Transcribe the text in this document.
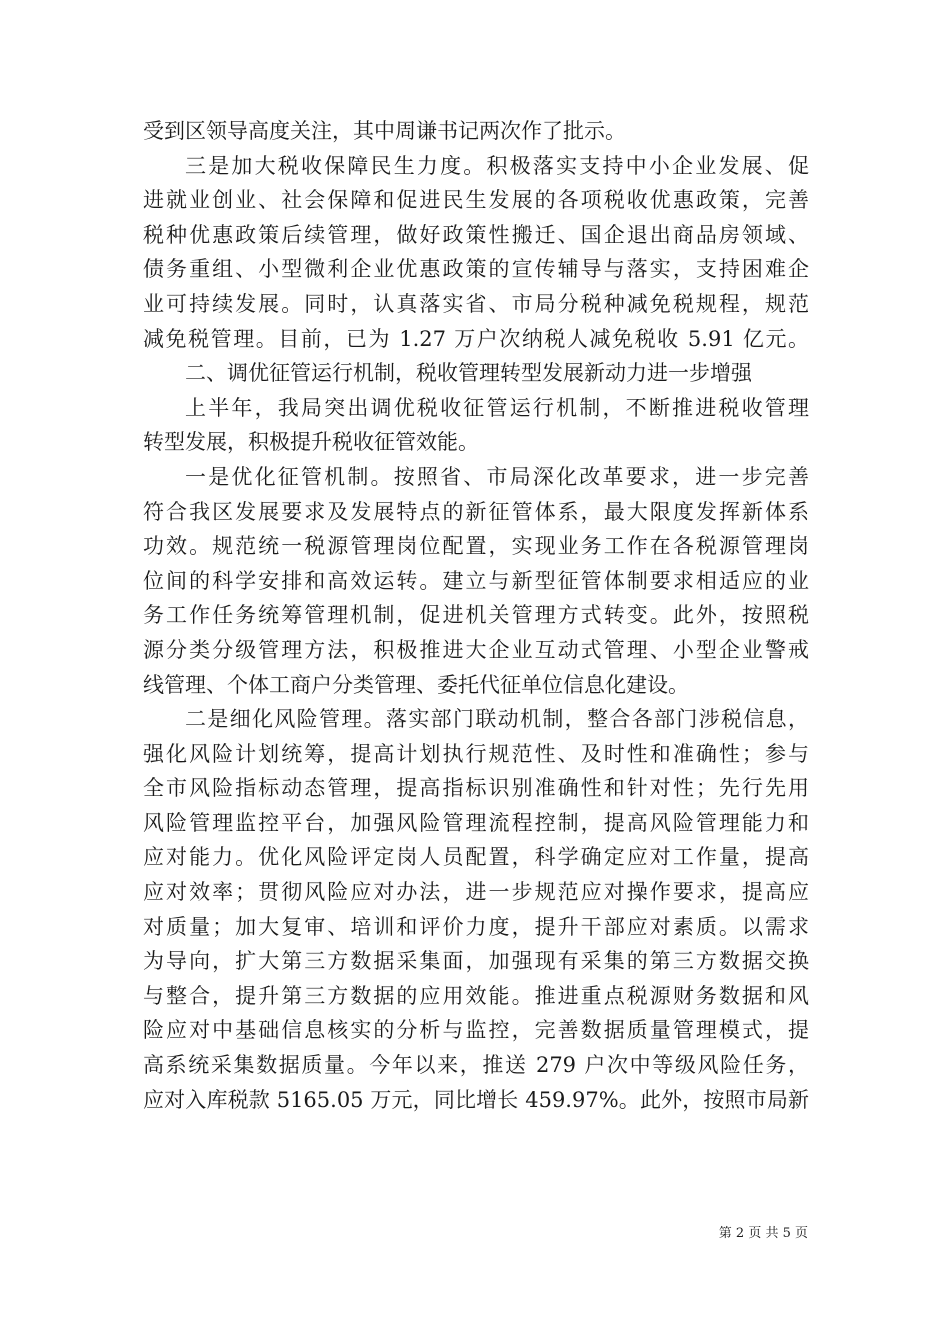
受到区领导高度关注，其中周谦书记两次作了批示。
三是加大税收保障民生力度。积极落实支持中小企业发展、促
进就业创业、社会保障和促进民生发展的各项税收优惠政策，完善
税种优惠政策后续管理，做好政策性搬迁、国企退出商品房领域、
债务重组、小型微利企业优惠政策的宣传辅导与落实，支持困难企
业可持续发展。同时，认真落实省、市局分税种减免税规程，规范
减免税管理。目前，已为 1.27 万户次纳税人减免税收 5.91 亿元。
二、调优征管运行机制，税收管理转型发展新动力进一步增强
上半年，我局突出调优税收征管运行机制，不断推进税收管理
转型发展，积极提升税收征管效能。
一是优化征管机制。按照省、市局深化改革要求，进一步完善
符合我区发展要求及发展特点的新征管体系，最大限度发挥新体系
功效。规范统一税源管理岗位配置，实现业务工作在各税源管理岗
位间的科学安排和高效运转。建立与新型征管体制要求相适应的业
务工作任务统筹管理机制，促进机关管理方式转变。此外，按照税
源分类分级管理方法，积极推进大企业互动式管理、小型企业警戒
线管理、个体工商户分类管理、委托代征单位信息化建设。
二是细化风险管理。落实部门联动机制，整合各部门涉税信息，
强化风险计划统筹，提高计划执行规范性、及时性和准确性；参与
全市风险指标动态管理，提高指标识别准确性和针对性；先行先用
风险管理监控平台，加强风险管理流程控制，提高风险管理能力和
应对能力。优化风险评定岗人员配置，科学确定应对工作量，提高
应对效率；贯彻风险应对办法，进一步规范应对操作要求，提高应
对质量；加大复审、培训和评价力度，提升干部应对素质。以需求
为导向，扩大第三方数据采集面，加强现有采集的第三方数据交换
与整合，提升第三方数据的应用效能。推进重点税源财务数据和风
险应对中基础信息核实的分析与监控，完善数据质量管理模式，提
高系统采集数据质量。今年以来，推送 279 户次中等级风险任务，
应对入库税款 5165.05 万元，同比增长 459.97%。此外，按照市局新
第 2 页 共 5 页
